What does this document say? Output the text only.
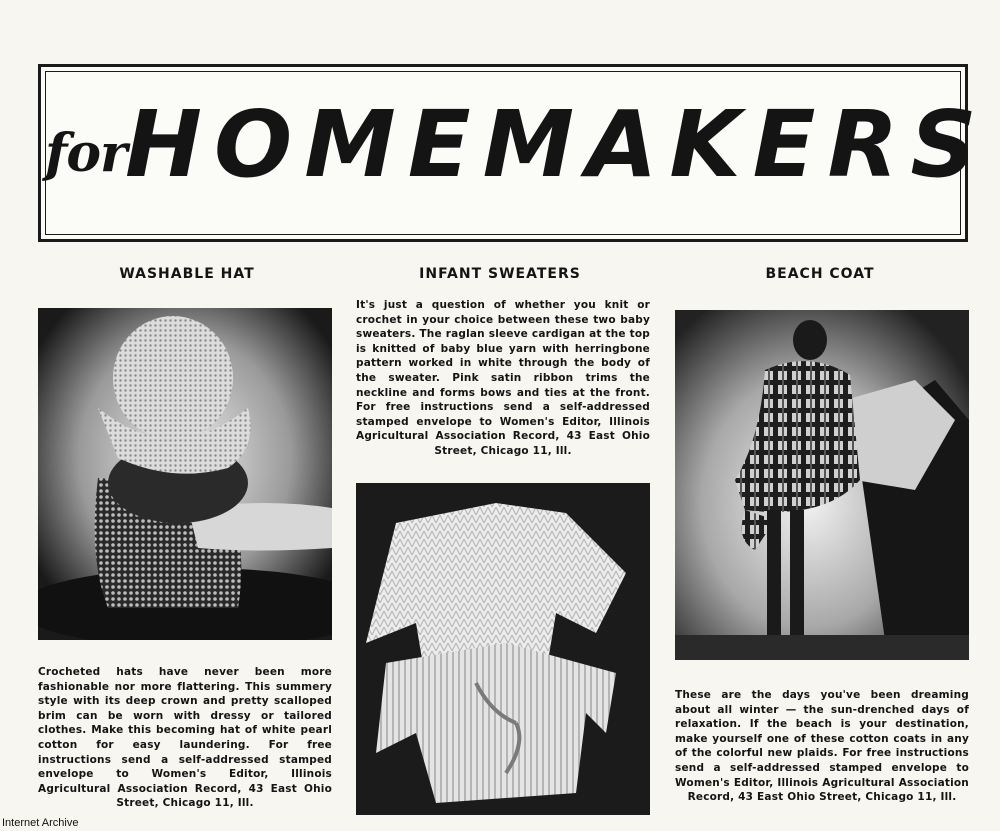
for
HOMEMAKERS
WASHABLE HAT	INFANT SWEATERS	BEACH COAT
Crocheted hats have never been more fashionable nor more flattering. This summery style with its deep crown and pretty scalloped brim can be worn with dressy or tailored clothes. Make this becoming hat of white pearl cotton for easy laundering. For free instructions send a self-addressed stamped envelope to Women's Editor, Illinois Agricultural Association Record, 43 East Ohio Street, Chicago 11, Ill.
It's just a question of whether you knit or crochet in your choice between these two baby sweaters. The raglan sleeve cardigan at the top is knitted of baby blue yarn with herringbone pattern worked in white through the body of the sweater. Pink satin ribbon trims the neckline and forms bows and ties at the front. For free instructions send a self-addressed stamped envelope to Women's Editor, Illinois Agricultural Association Record, 43 East Ohio Street, Chicago 11, Ill.
These are the days you've been dreaming about all winter — the sun-drenched days of relaxation. If the beach is your destination, make yourself one of these cotton coats in any of the colorful new plaids. For free instructions send a self-addressed stamped envelope to Women's Editor, Illinois Agricultural Association Record, 43 East Ohio Street, Chicago 11, Ill.
Internet Archive
